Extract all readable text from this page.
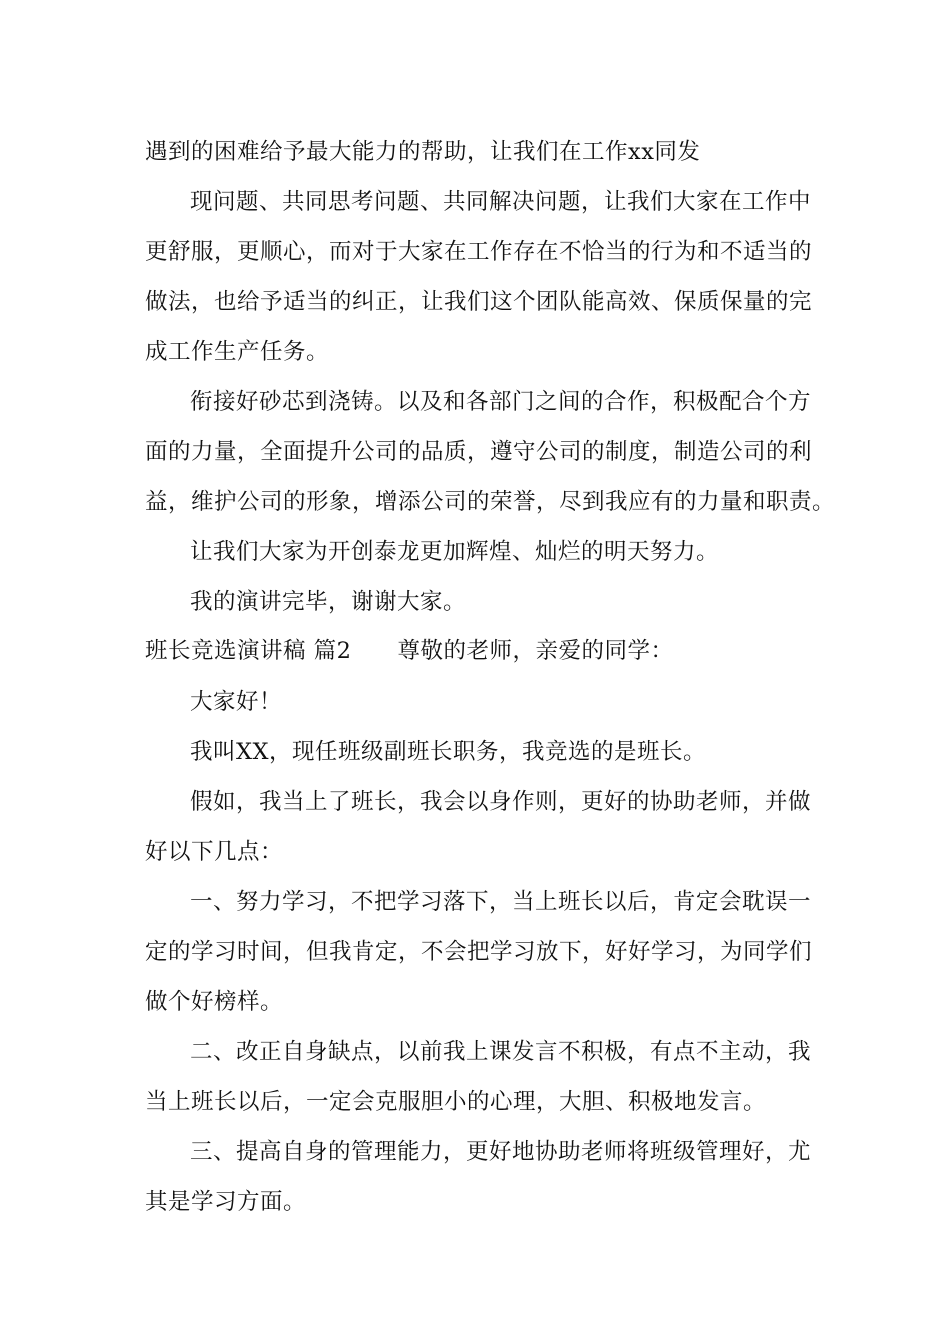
遇到的困难给予最大能力的帮助，让我们在工作xx同发
现问题、共同思考问题、共同解决问题，让我们大家在工作中
更舒服，更顺心，而对于大家在工作存在不恰当的行为和不适当的
做法，也给予适当的纠正，让我们这个团队能高效、保质保量的完
成工作生产任务。
衔接好砂芯到浇铸。以及和各部门之间的合作，积极配合个方
面的力量，全面提升公司的品质，遵守公司的制度，制造公司的利
益，维护公司的形象，增添公司的荣誉，尽到我应有的力量和职责。
让我们大家为开创泰龙更加辉煌、灿烂的明天努力。
我的演讲完毕，谢谢大家。
班长竞选演讲稿 篇2 尊敬的老师，亲爱的同学：
大家好！
我叫XX，现任班级副班长职务，我竞选的是班长。
假如，我当上了班长，我会以身作则，更好的协助老师，并做
好以下几点：
一、努力学习，不把学习落下，当上班长以后，肯定会耽误一
定的学习时间，但我肯定，不会把学习放下，好好学习，为同学们
做个好榜样。
二、改正自身缺点，以前我上课发言不积极，有点不主动，我
当上班长以后，一定会克服胆小的心理，大胆、积极地发言。
三、提高自身的管理能力，更好地协助老师将班级管理好，尤
其是学习方面。
